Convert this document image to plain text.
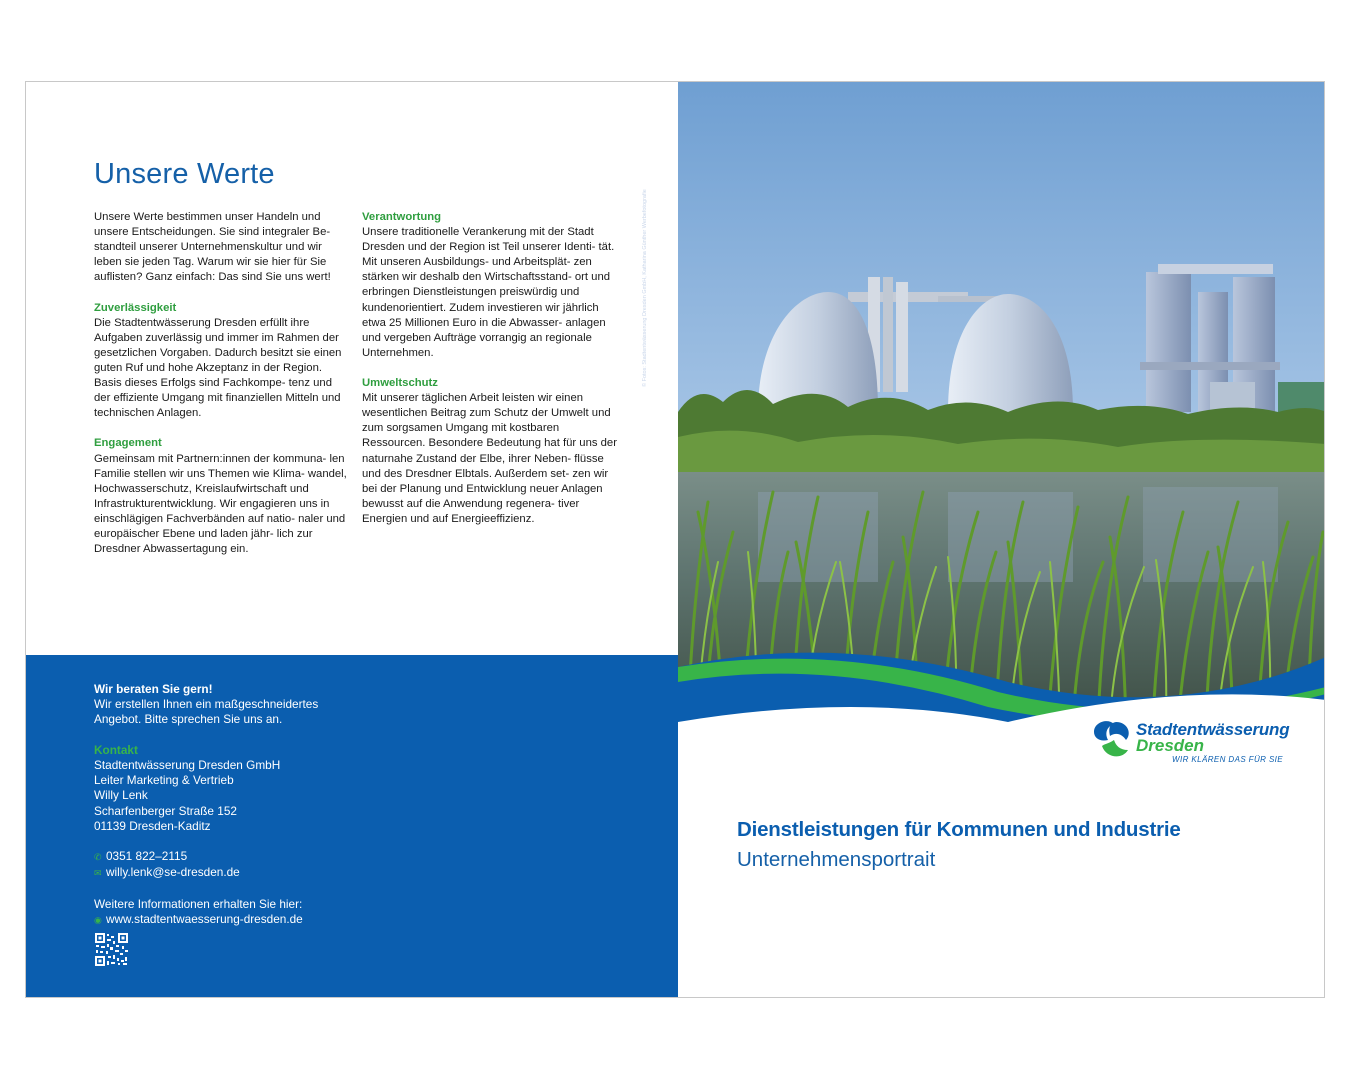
Unsere Werte

Unsere Werte bestimmen unser Handeln und unsere Entscheidungen. Sie sind integraler Be- standteil unserer Unternehmenskultur und wir leben sie jeden Tag. Warum wir sie hier für Sie auflisten? Ganz einfach: Das sind Sie uns wert!

Zuverlässigkeit

Die Stadtentwässerung Dresden erfüllt ihre Aufgaben zuverlässig und immer im Rahmen der gesetzlichen Vorgaben. Dadurch besitzt sie einen guten Ruf und hohe Akzeptanz in der Region. Basis dieses Erfolgs sind Fachkompe- tenz und der effiziente Umgang mit finanziellen Mitteln und technischen Anlagen.

Engagement

Gemeinsam mit Partnern:innen der kommuna- len Familie stellen wir uns Themen wie Klima- wandel, Hochwasserschutz, Kreislaufwirtschaft und Infrastrukturentwicklung. Wir engagieren uns in einschlägigen Fachverbänden auf natio- naler und europäischer Ebene und laden jähr- lich zur Dresdner Abwassertagung ein.

Verantwortung

Unsere traditionelle Verankerung mit der Stadt Dresden und der Region ist Teil unserer Identi- tät. Mit unseren Ausbildungs- und Arbeitsplät- zen stärken wir deshalb den Wirtschaftsstand- ort und erbringen Dienstleistungen preiswürdig und kundenorientiert. Zudem investieren wir jährlich etwa 25 Millionen Euro in die Abwasser- anlagen und vergeben Aufträge vorrangig an regionale Unternehmen.

Umweltschutz

Mit unserer täglichen Arbeit leisten wir einen wesentlichen Beitrag zum Schutz der Umwelt und zum sorgsamen Umgang mit kostbaren Ressourcen. Besondere Bedeutung hat für uns der naturnahe Zustand der Elbe, ihrer Neben- flüsse und des Dresdner Elbtals. Außerdem set- zen wir bei der Planung und Entwicklung neuer Anlagen bewusst auf die Anwendung regenera- tiver Energien und auf Energieeffizienz.

Wir beraten Sie gern!
Wir erstellen Ihnen ein maßgeschneidertes
Angebot. Bitte sprechen Sie uns an.
Kontakt
Stadtentwässerung Dresden GmbH
Leiter Marketing & Vertrieb
Willy Lenk
Scharfenberger Straße 152
01139 Dresden-Kaditz
✆ 0351 822–2115
✉ willy.lenk@se-dresden.de
Weitere Informationen erhalten Sie hier:
◉ www.stadtentwaesserung-dresden.de
© Fotos: Stadtentwässerung Dresden GmbH, Katharina Günther Werbefotografie
Stadtentwässerung
Dresden
WIR KLÄREN DAS FÜR SIE
Dienstleistungen für Kommunen und Industrie
Unternehmensportrait
